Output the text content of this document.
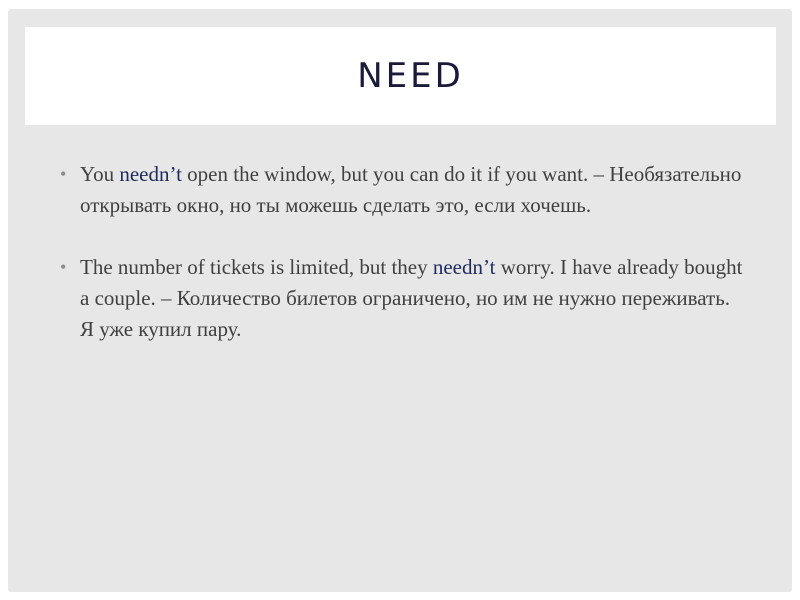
NEED

• You needn’t open the window, but you can do it if you want. – Необязательно открывать окно, но ты можешь сделать это, если хочешь.

• The number of tickets is limited, but they needn’t worry. I have already bought a couple. – Количество билетов ограничено, но им не нужно переживать. Я уже купил пару.
